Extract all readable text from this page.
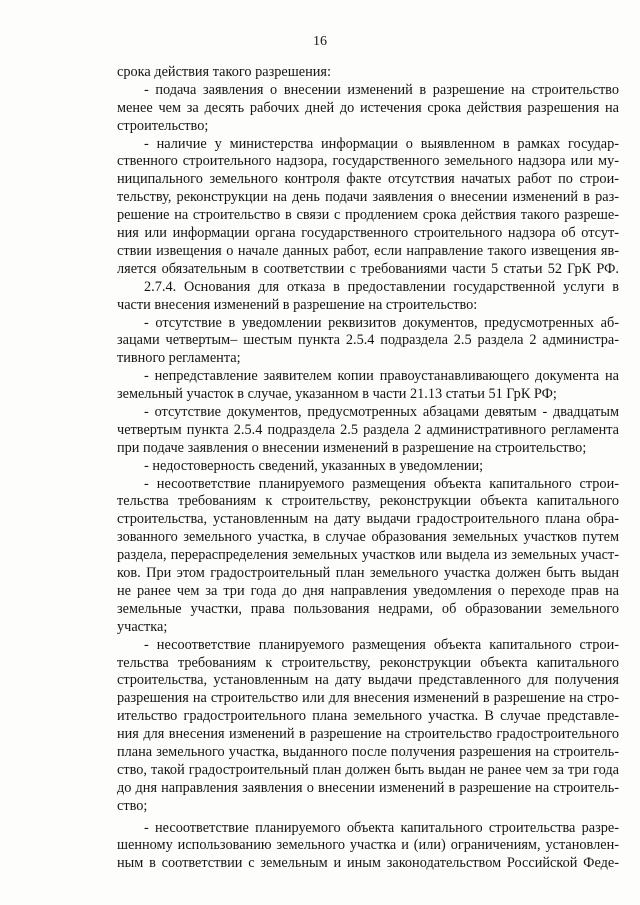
16
срока действия такого разрешения:
- подача заявления о внесении изменений в разрешение на строительство
менее чем за десять рабочих дней до истечения срока действия разрешения на
строительство;
- наличие у министерства информации о выявленном в рамках государ-
ственного строительного надзора, государственного земельного надзора или му-
ниципального земельного контроля факте отсутствия начатых работ по строи-
тельству, реконструкции на день подачи заявления о внесении изменений в раз-
решение на строительство в связи с продлением срока действия такого разреше-
ния или информации органа государственного строительного надзора об отсут-
ствии извещения о начале данных работ, если направление такого извещения яв-
ляется обязательным в соответствии с требованиями части 5 статьи 52 ГрК РФ.
2.7.4. Основания для отказа в предоставлении государственной услуги в
части внесения изменений в разрешение на строительство:
- отсутствие в уведомлении реквизитов документов, предусмотренных аб-
зацами четвертым– шестым пункта 2.5.4 подраздела 2.5 раздела 2 администра-
тивного регламента;
- непредставление заявителем копии правоустанавливающего документа на
земельный участок в случае, указанном в части 21.13 статьи 51 ГрК РФ;
- отсутствие документов, предусмотренных абзацами девятым - двадцатым
четвертым пункта 2.5.4 подраздела 2.5 раздела 2 административного регламента
при подаче заявления о внесении изменений в разрешение на строительство;
- недостоверность сведений, указанных в уведомлении;
- несоответствие планируемого размещения объекта капитального строи-
тельства требованиям к строительству, реконструкции объекта капитального
строительства, установленным на дату выдачи градостроительного плана обра-
зованного земельного участка, в случае образования земельных участков путем
раздела, перераспределения земельных участков или выдела из земельных участ-
ков. При этом градостроительный план земельного участка должен быть выдан
не ранее чем за три года до дня направления уведомления о переходе прав на
земельные участки, права пользования недрами, об образовании земельного
участка;
- несоответствие планируемого размещения объекта капитального строи-
тельства требованиям к строительству, реконструкции объекта капитального
строительства, установленным на дату выдачи представленного для получения
разрешения на строительство или для внесения изменений в разрешение на стро-
ительство градостроительного плана земельного участка. В случае представле-
ния для внесения изменений в разрешение на строительство градостроительного
плана земельного участка, выданного после получения разрешения на строитель-
ство, такой градостроительный план должен быть выдан не ранее чем за три года
до дня направления заявления о внесении изменений в разрешение на строитель-
ство;
- несоответствие планируемого объекта капитального строительства разре-
шенному использованию земельного участка и (или) ограничениям, установлен-
ным в соответствии с земельным и иным законодательством Российской Феде-
